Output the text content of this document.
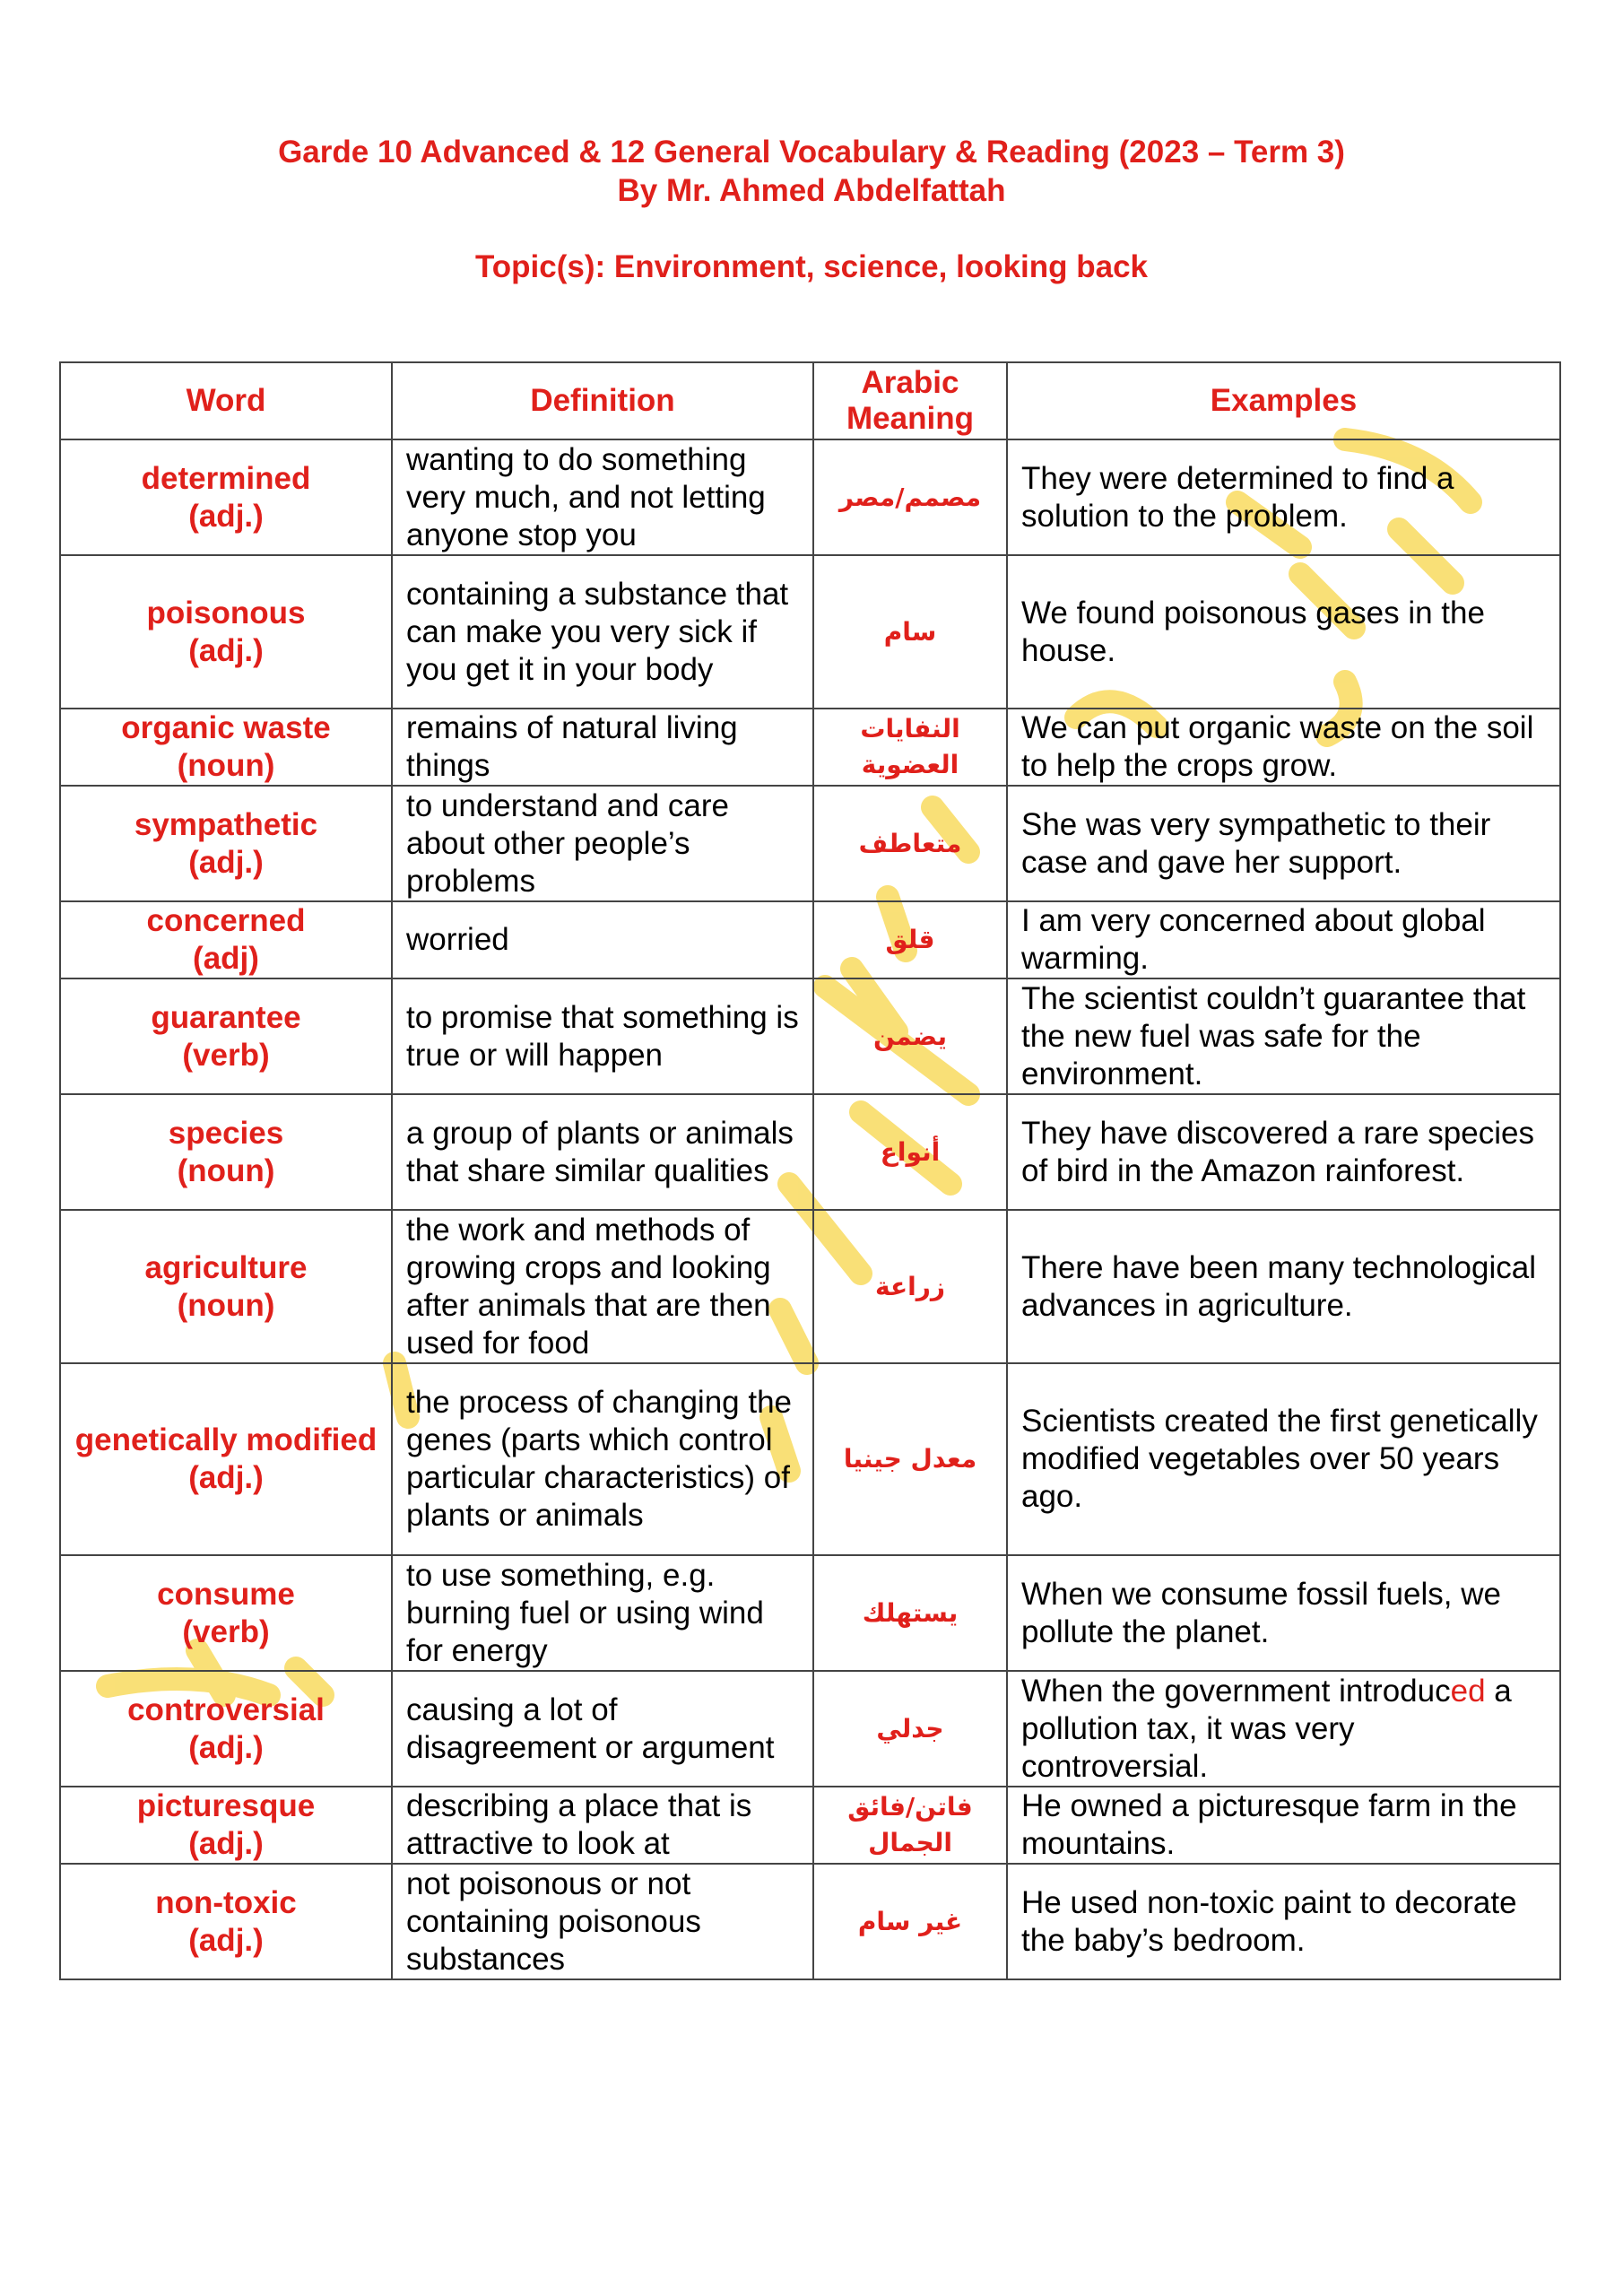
Garde 10 Advanced & 12 General Vocabulary & Reading (2023 – Term 3)
By Mr. Ahmed Abdelfattah
Topic(s): Environment, science, looking back
Word	Definition	Arabic Meaning	Examples

determined
(adj.)	wanting to do something very much, and not letting anyone stop you	مصمم/مصر	They were determined to find a solution to the problem.

poisonous
(adj.)	containing a substance that can make you very sick if you get it in your body	سام	We found poisonous gases in the house.

organic waste
(noun)	remains of natural living things	النفايات العضوية	We can put organic waste on the soil to help the crops grow.

sympathetic
(adj.)	to understand and care about other people’s problems	متعاطف	She was very sympathetic to their case and gave her support.

concerned
(adj)	worried	قلق	I am very concerned about global warming.

guarantee
(verb)	to promise that something is true or will happen	يضمن	The scientist couldn’t guarantee that the new fuel was safe for the environment.

species
(noun)	a group of plants or animals that share similar qualities	أنواع	They have discovered a rare species of bird in the Amazon rainforest.

agriculture
(noun)	the work and methods of growing crops and looking after animals that are then used for food	زراعة	There have been many technological advances in agriculture.

genetically modified
(adj.)	the process of changing the genes (parts which control particular characteristics) of plants or animals	معدل جينيا	Scientists created the first genetically modified vegetables over 50 years ago.

consume
(verb)	to use something, e.g. burning fuel or using wind for energy	يستهلك	When we consume fossil fuels, we pollute the planet.

controversial
(adj.)	causing a lot of disagreement or argument	جدلي	When the government introduced a pollution tax, it was very controversial.

picturesque
(adj.)	describing a place that is attractive to look at	فاتن/فائق الجمال	He owned a picturesque farm in the mountains.

non-toxic
(adj.)	not poisonous or not containing poisonous substances	غير سام	He used non-toxic paint to decorate the baby’s bedroom.
